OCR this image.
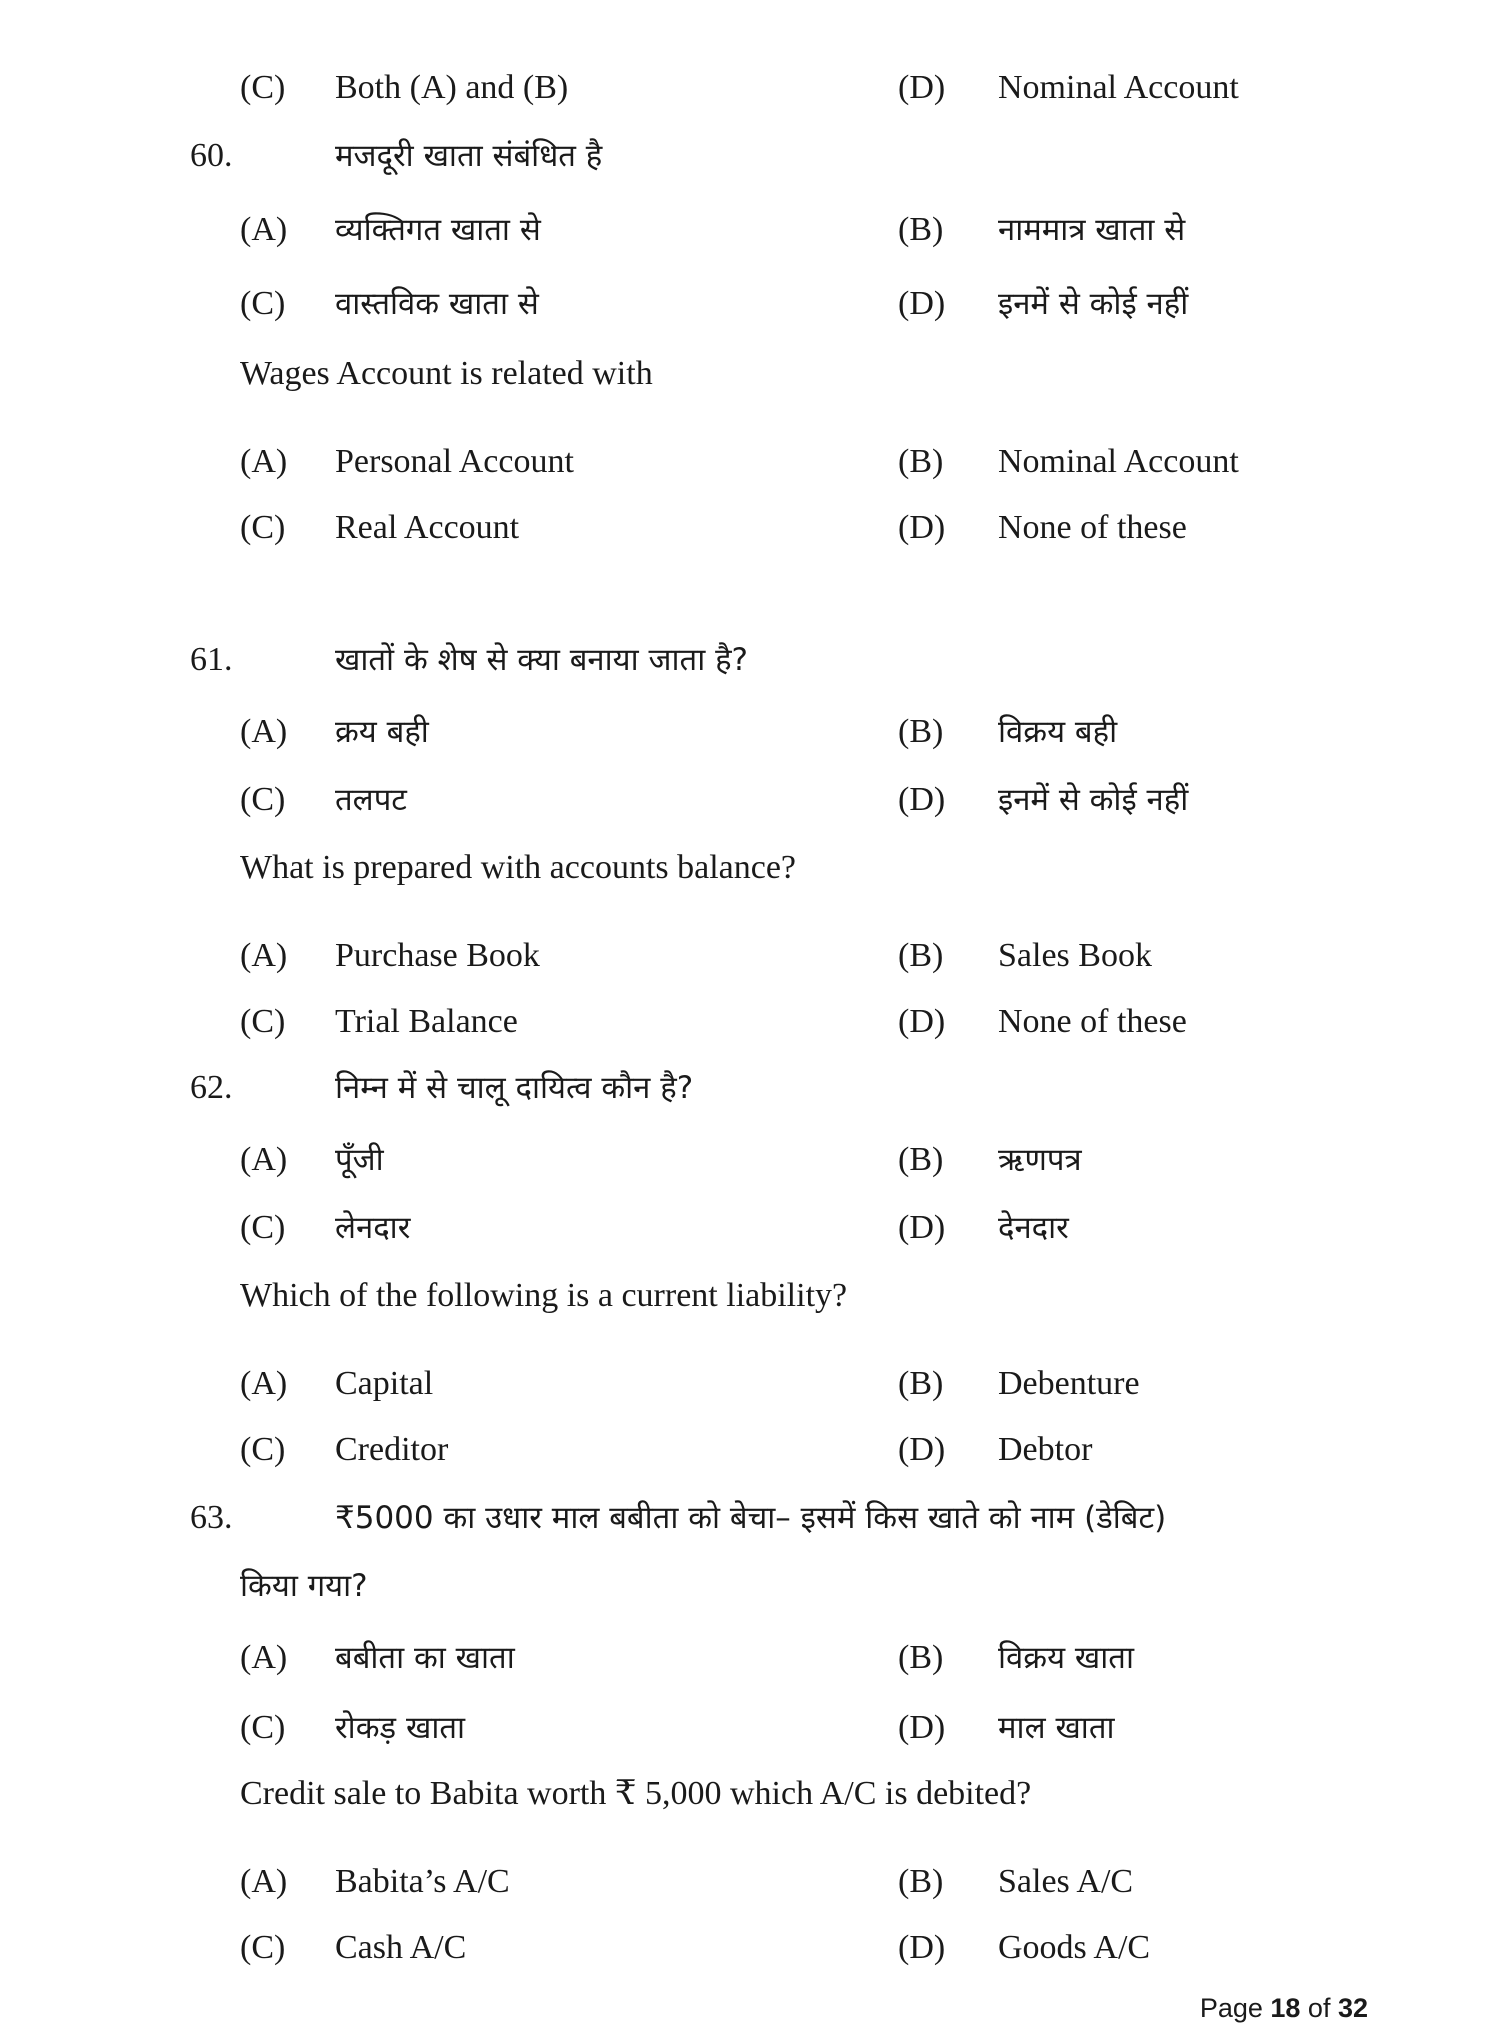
(C) Both (A) and (B)	(D) Nominal Account
60.	मजदूरी खाता संबंधित है
(A) व्यक्तिगत खाता से	(B) नाममात्र खाता से
(C) वास्तविक खाता से	(D) इनमें से कोई नहीं
Wages Account is related with
(A) Personal Account	(B) Nominal Account
(C) Real Account	(D) None of these
61.	खातों के शेष से क्या बनाया जाता है?
(A) क्रय बही	(B) विक्रय बही
(C) तलपट	(D) इनमें से कोई नहीं
What is prepared with accounts balance?
(A) Purchase Book	(B) Sales Book
(C) Trial Balance	(D) None of these
62.	निम्न में से चालू दायित्व कौन है?
(A) पूँजी	(B) ऋणपत्र
(C) लेनदार	(D) देनदार
Which of the following is a current liability?
(A) Capital	(B) Debenture
(C) Creditor	(D) Debtor
63.	₹5000 का उधार माल बबीता को बेचा– इसमें किस खाते को नाम (डेबिट)
किया गया?
(A) बबीता का खाता	(B) विक्रय खाता
(C) रोकड़ खाता	(D) माल खाता
Credit sale to Babita worth ₹ 5,000 which A/C is debited?
(A) Babita’s A/C	(B) Sales A/C
(C) Cash A/C	(D) Goods A/C
Page 18 of 32
